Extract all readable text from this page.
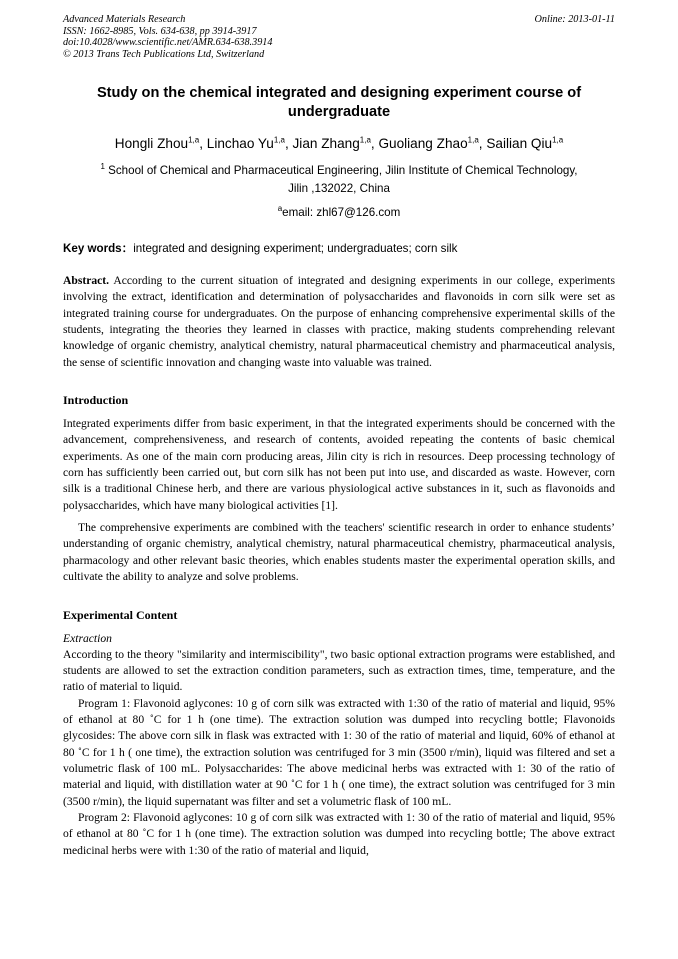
Advanced Materials Research
ISSN: 1662-8985, Vols. 634-638, pp 3914-3917
doi:10.4028/www.scientific.net/AMR.634-638.3914
© 2013 Trans Tech Publications Ltd, Switzerland
Online: 2013-01-11
Study on the chemical integrated and designing experiment course of
undergraduate
Hongli Zhou$^{1,a}$, Linchao Yu$^{1,a}$, Jian Zhang$^{1,a}$, Guoliang Zhao$^{1,a}$, Sailian Qiu$^{1,a}$
$^1$ School of Chemical and Pharmaceutical Engineering, Jilin Institute of Chemical Technology,
Jilin ,132022, China
$^a$email: zhl67@126.com
Key words：integrated and designing experiment; undergraduates; corn silk

Abstract. According to the current situation of integrated and designing experiments in our college, experiments involving the extract, identification and determination of polysaccharides and flavonoids in corn silk were set as integrated training course for undergraduates. On the purpose of enhancing comprehensive experimental skills of the students, integrating the theories they learned in classes with practice, making students comprehending relevant knowledge of organic chemistry, analytical chemistry, natural pharmaceutical chemistry and pharmaceutical analysis, the sense of scientific innovation and changing waste into valuable was trained.

Introduction

Integrated experiments differ from basic experiment, in that the integrated experiments should be concerned with the advancement, comprehensiveness, and research of contents, avoided repeating the contents of basic chemical experiments. As one of the main corn producing areas, Jilin city is rich in resources. Deep processing technology of corn has sufficiently been carried out, but corn silk has not been put into use, and discarded as waste. However, corn silk is a traditional Chinese herb, and there are various physiological active substances in it, such as flavonoids and polysaccharides, which have many biological activities [1].

The comprehensive experiments are combined with the teachers' scientific research in order to enhance students’ understanding of organic chemistry, analytical chemistry, natural pharmaceutical chemistry, pharmaceutical analysis, pharmacology and other relevant basic theories, which enables students master the experimental operation skills, and cultivate the ability to analyze and solve problems.

Experimental Content
Extraction

According to the theory "similarity and intermiscibility", two basic optional extraction programs were established, and students are allowed to set the extraction condition parameters, such as extraction times, time, temperature, and the ratio of material to liquid.

Program 1: Flavonoid aglycones: 10 g of corn silk was extracted with 1:30 of the ratio of material and liquid, 95% of ethanol at 80 ˚C for 1 h (one time). The extraction solution was dumped into recycling bottle; Flavonoids glycosides: The above corn silk in flask was extracted with 1: 30 of the ratio of material and liquid, 60% of ethanol at 80 ˚C for 1 h ( one time), the extraction solution was centrifuged for 3 min (3500 r/min), liquid was filtered and set a volumetric flask of 100 mL. Polysaccharides: The above medicinal herbs was extracted with 1: 30 of the ratio of material and liquid, with distillation water at 90 ˚C for 1 h ( one time), the extract solution was centrifuged for 3 min (3500 r/min), the liquid supernatant was filter and set a volumetric flask of 100 mL.

Program 2: Flavonoid aglycones: 10 g of corn silk was extracted with 1: 30 of the ratio of material and liquid, 95% of ethanol at 80 ˚C for 1 h (one time). The extraction solution was dumped into recycling bottle; The above extract medicinal herbs were with 1:30 of the ratio of material and liquid,
